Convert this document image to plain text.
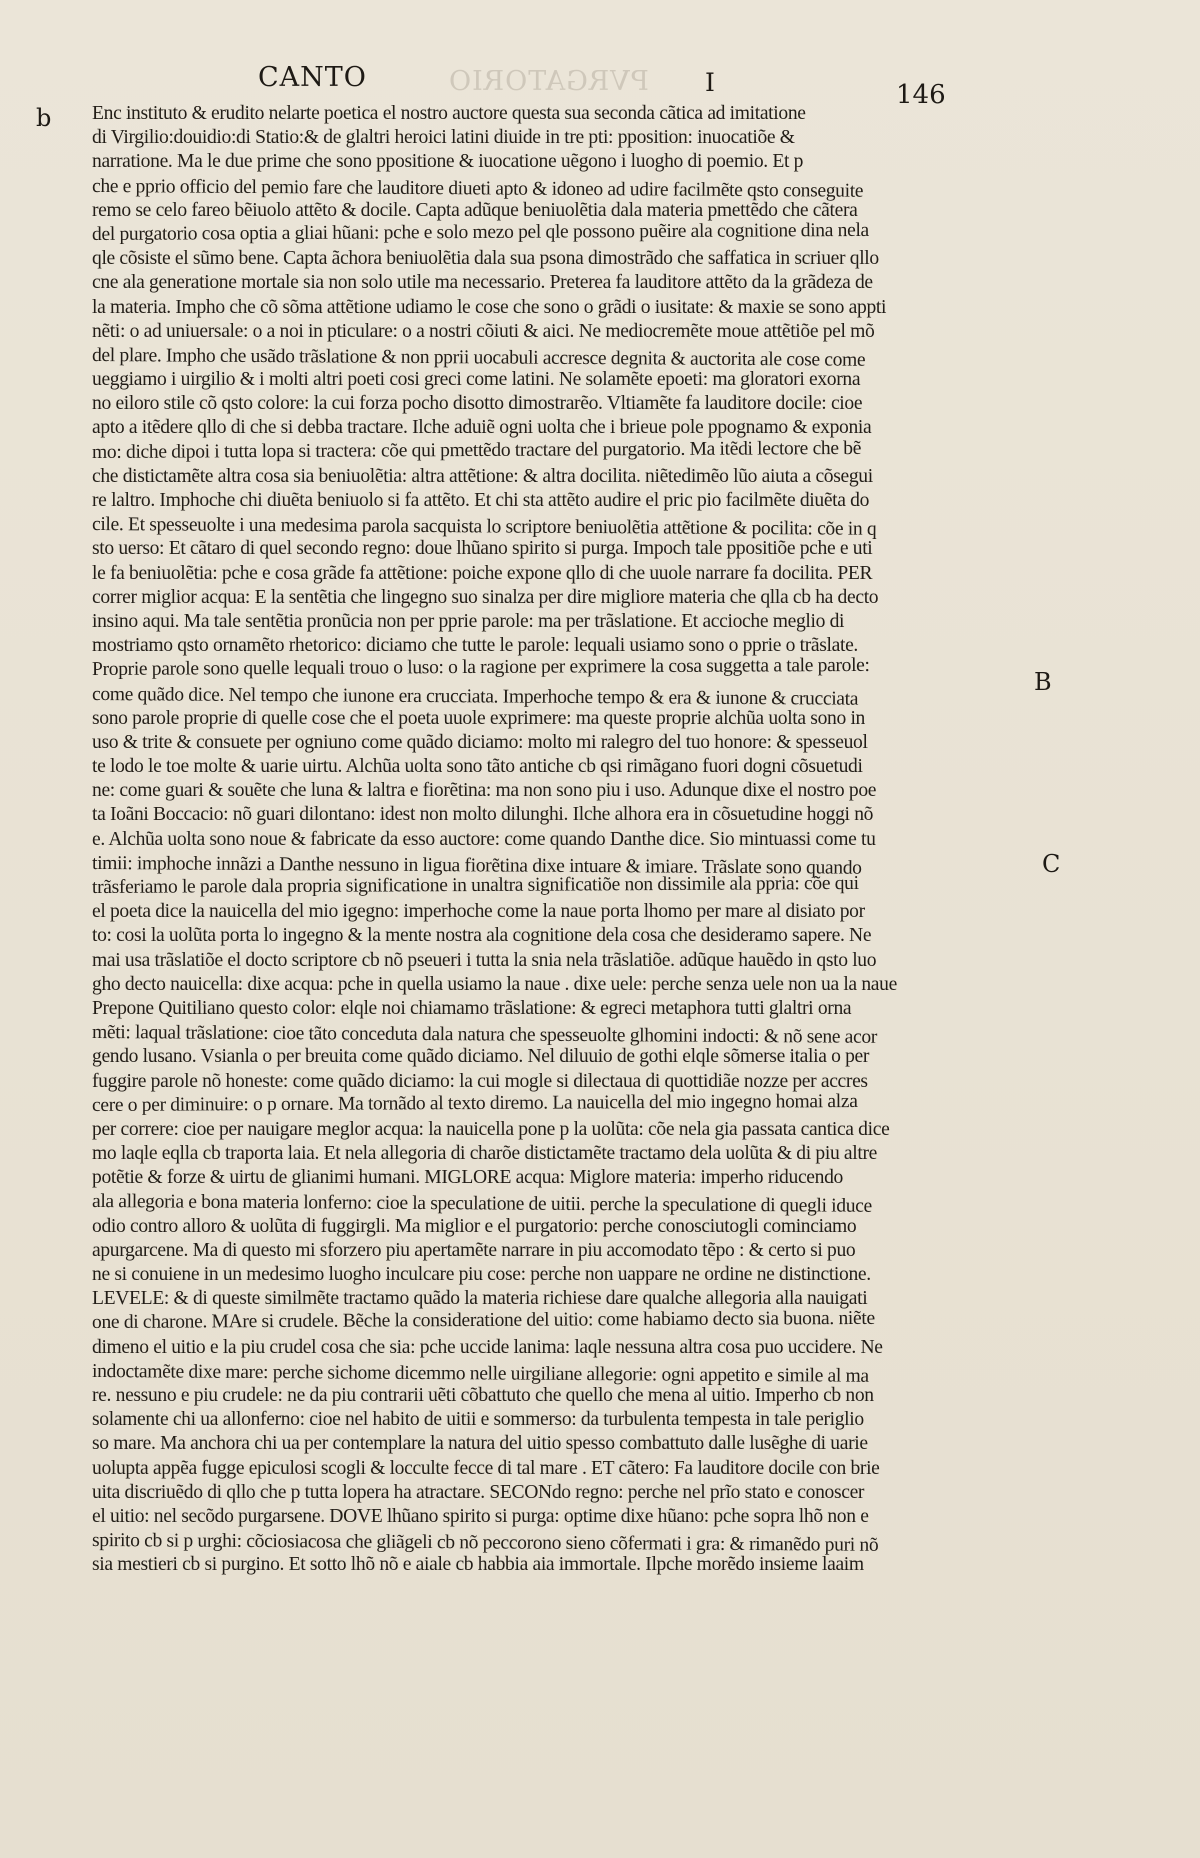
CANTO	PVRGATORIO I	146
b
B
C

Enc instituto & erudito nelarte poetica el nostro auctore questa sua seconda cãtica ad imitatione

di Virgilio:douidio:di Statio:& de glaltri heroici latini diuide in tre pti: pposition: inuocatiõe &

narratione. Ma le due prime che sono ppositione & iuocatione uẽgono i luogho di poemio. Et p

che e pprio officio del pemio fare che lauditore diueti apto & idoneo ad udire facilmẽte qsto conseguite

remo se celo fareo bẽiuolo attẽto & docile. Capta adũque beniuolẽtia dala materia pmettẽdo che cãtera

del purgatorio cosa optia a gliai hũani: pche e solo mezo pel qle possono puẽire ala cognitione dina nela

qle cõsiste el sũmo bene. Capta ãchora beniuolẽtia dala sua psona dimostrãdo che saffatica in scriuer qllo

cne ala generatione mortale sia non solo utile ma necessario. Preterea fa lauditore attẽto da la grãdeza de

la materia. Impho che cõ sõma attẽtione udiamo le cose che sono o grãdi o iusitate: & maxie se sono appti

nẽti: o ad uniuersale: o a noi in pticulare: o a nostri cõiuti & aici. Ne mediocremẽte moue attẽtiõe pel mõ

del plare. Impho che usãdo trãslatione & non pprii uocabuli accresce degnita & auctorita ale cose come

ueggiamo i uirgilio & i molti altri poeti cosi greci come latini. Ne solamẽte epoeti: ma gloratori exorna

no eiloro stile cõ qsto colore: la cui forza pocho disotto dimostrarẽo. Vltiamẽte fa lauditore docile: cioe

apto a itẽdere qllo di che si debba tractare. Ilche aduiẽ ogni uolta che i brieue pole ppognamo & exponia

mo: diche dipoi i tutta lopa si tractera: cõe qui pmettẽdo tractare del purgatorio. Ma itẽdi lectore che bẽ

che distictamẽte altra cosa sia beniuolẽtia: altra attẽtione: & altra docilita. niẽtedimẽo lũo aiuta a cõsegui

re laltro. Imphoche chi diuẽta beniuolo si fa attẽto. Et chi sta attẽto audire el pric pio facilmẽte diuẽta do

cile. Et spesseuolte i una medesima parola sacquista lo scriptore beniuolẽtia attẽtione & pocilita: cõe in q

sto uerso: Et cãtaro di quel secondo regno: doue lhũano spirito si purga. Impoch tale ppositiõe pche e uti

le fa beniuolẽtia: pche e cosa grãde fa attẽtione: poiche expone qllo di che uuole narrare fa docilita. PER

correr miglior acqua: E la sentẽtia che lingegno suo sinalza per dire migliore materia che qlla cb ha decto

insino aqui. Ma tale sentẽtia pronũcia non per pprie parole: ma per trãslatione. Et accioche meglio di

mostriamo qsto ornamẽto rhetorico: diciamo che tutte le parole: lequali usiamo sono o pprie o trãslate.

Proprie parole sono quelle lequali trouo o luso: o la ragione per exprimere la cosa suggetta a tale parole:

come quãdo dice. Nel tempo che iunone era crucciata. Imperhoche tempo & era & iunone & crucciata

sono parole proprie di quelle cose che el poeta uuole exprimere: ma queste proprie alchũa uolta sono in

uso & trite & consuete per ogniuno come quãdo diciamo: molto mi ralegro del tuo honore: & spesseuol

te lodo le toe molte & uarie uirtu. Alchũa uolta sono tãto antiche cb qsi rimãgano fuori dogni cõsuetudi

ne: come guari & souẽte che luna & laltra e fiorẽtina: ma non sono piu i uso. Adunque dixe el nostro poe

ta Ioãni Boccacio: nõ guari dilontano: idest non molto dilunghi. Ilche alhora era in cõsuetudine hoggi nõ

e. Alchũa uolta sono noue & fabricate da esso auctore: come quando Danthe dice. Sio mintuassi come tu

timii: imphoche innãzi a Danthe nessuno in ligua fiorẽtina dixe intuare & imiare. Trãslate sono quando

trãsferiamo le parole dala propria significatione in unaltra significatiõe non dissimile ala ppria: cõe qui

el poeta dice la nauicella del mio igegno: imperhoche come la naue porta lhomo per mare al disiato por

to: cosi la uolũta porta lo ingegno & la mente nostra ala cognitione dela cosa che desideramo sapere. Ne

mai usa trãslatiõe el docto scriptore cb nõ pseueri i tutta la snia nela trãslatiõe. adũque hauẽdo in qsto luo

gho decto nauicella: dixe acqua: pche in quella usiamo la naue . dixe uele: perche senza uele non ua la naue

Prepone Quitiliano questo color: elqle noi chiamamo trãslatione: & egreci metaphora tutti glaltri orna

mẽti: laqual trãslatione: cioe tãto conceduta dala natura che spesseuolte glhomini indocti: & nõ sene acor

gendo lusano. Vsianla o per breuita come quãdo diciamo. Nel diluuio de gothi elqle sõmerse italia o per

fuggire parole nõ honeste: come quãdo diciamo: la cui mogle si dilectaua di quottidiãe nozze per accres

cere o per diminuire: o p ornare. Ma tornãdo al texto diremo. La nauicella del mio ingegno homai alza

per correre: cioe per nauigare meglor acqua: la nauicella pone p la uolũta: cõe nela gia passata cantica dice

mo laqle eqlla cb traporta laia. Et nela allegoria di charõe distictamẽte tractamo dela uolũta & di piu altre

potẽtie & forze & uirtu de glianimi humani. MIGLORE acqua: Miglore materia: imperho riducendo

ala allegoria e bona materia lonferno: cioe la speculatione de uitii. perche la speculatione di quegli iduce

odio contro alloro & uolũta di fuggirgli. Ma miglior e el purgatorio: perche conosciutogli cominciamo

apurgarcene. Ma di questo mi sforzero piu apertamẽte narrare in piu accomodato tẽpo : & certo si puo

ne si conuiene in un medesimo luogho inculcare piu cose: perche non uappare ne ordine ne distinctione.

LEVELE: & di queste similmẽte tractamo quãdo la materia richiese dare qualche allegoria alla nauigati

one di charone. MAre si crudele. Bẽche la consideratione del uitio: come habiamo decto sia buona. niẽte

dimeno el uitio e la piu crudel cosa che sia: pche uccide lanima: laqle nessuna altra cosa puo uccidere. Ne

indoctamẽte dixe mare: perche sichome dicemmo nelle uirgiliane allegorie: ogni appetito e simile al ma

re. nessuno e piu crudele: ne da piu contrarii uẽti cõbattuto che quello che mena al uitio. Imperho cb non

solamente chi ua allonferno: cioe nel habito de uitii e sommerso: da turbulenta tempesta in tale periglio

so mare. Ma anchora chi ua per contemplare la natura del uitio spesso combattuto dalle lusẽghe di uarie

uolupta appẽa fugge epiculosi scogli & locculte fecce di tal mare . ET cãtero: Fa lauditore docile con brie

uita discriuẽdo di qllo che p tutta lopera ha atractare. SECONdo regno: perche nel prĩo stato e conoscer

el uitio: nel secõdo purgarsene. DOVE lhũano spirito si purga: optime dixe hũano: pche sopra lhõ non e

spirito cb si p urghi: cõciosiacosa che gliãgeli cb nõ peccorono sieno cõfermati i gra: & rimanẽdo puri nõ

sia mestieri cb si purgino. Et sotto lhõ nõ e aiale cb habbia aia immortale. Ilpche morẽdo insieme laaim
